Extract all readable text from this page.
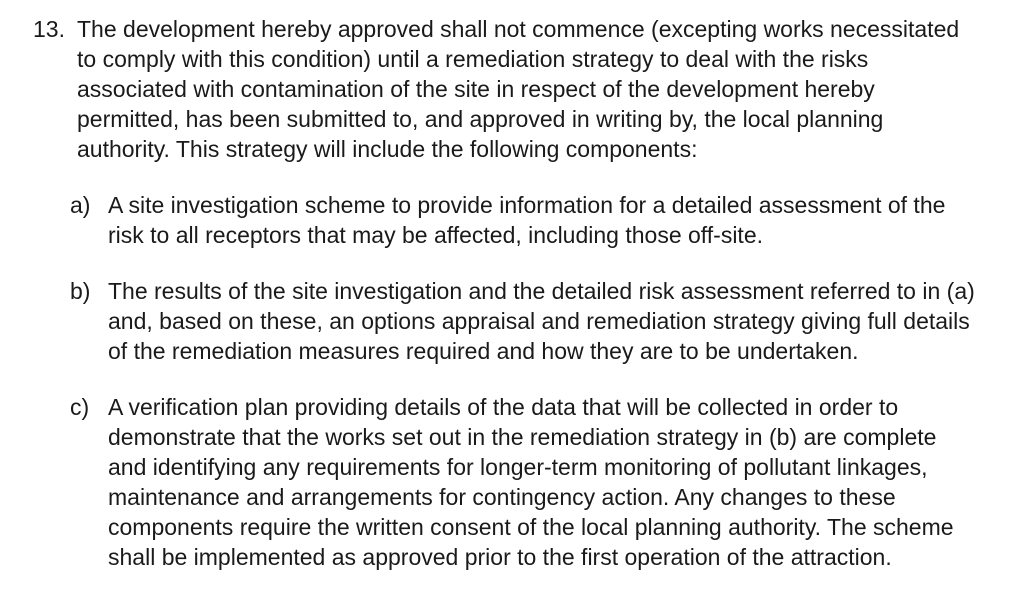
13. The development hereby approved shall not commence (excepting works necessitated
to comply with this condition) until a remediation strategy to deal with the risks
associated with contamination of the site in respect of the development hereby
permitted, has been submitted to, and approved in writing by, the local planning
authority. This strategy will include the following components:
a) A site investigation scheme to provide information for a detailed assessment of the
risk to all receptors that may be affected, including those off-site.
b) The results of the site investigation and the detailed risk assessment referred to in (a)
and, based on these, an options appraisal and remediation strategy giving full details
of the remediation measures required and how they are to be undertaken.
c) A verification plan providing details of the data that will be collected in order to
demonstrate that the works set out in the remediation strategy in (b) are complete
and identifying any requirements for longer-term monitoring of pollutant linkages,
maintenance and arrangements for contingency action. Any changes to these
components require the written consent of the local planning authority. The scheme
shall be implemented as approved prior to the first operation of the attraction.
